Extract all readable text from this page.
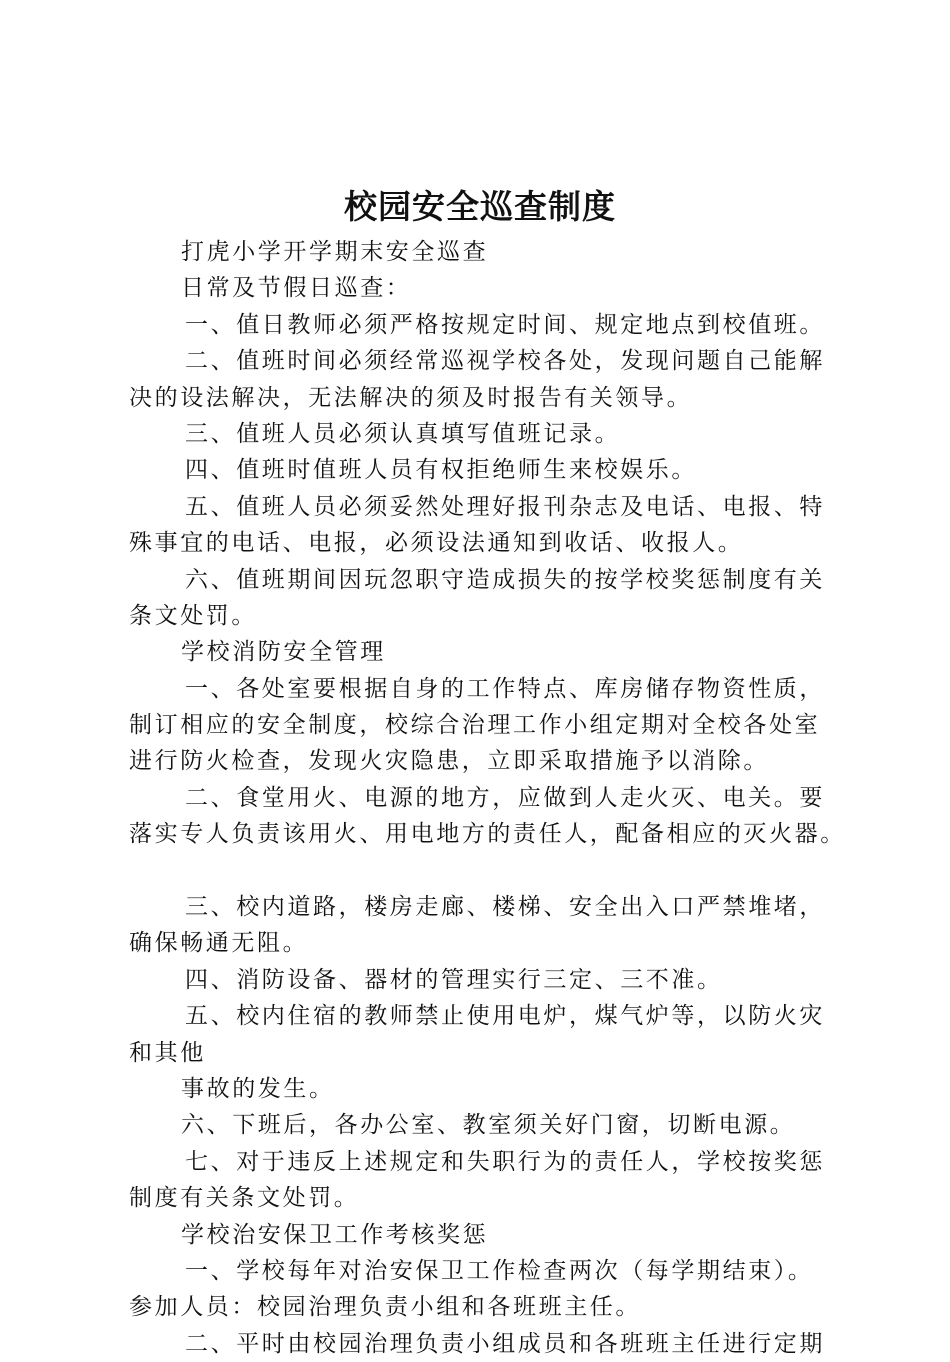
校园安全巡查制度

打虎小学开学期末安全巡查

日常及节假日巡查：

一、值日教师必须严格按规定时间、规定地点到校值班。

二、值班时间必须经常巡视学校各处，发现问题自己能解

决的设法解决，无法解决的须及时报告有关领导。

三、值班人员必须认真填写值班记录。

四、值班时值班人员有权拒绝师生来校娱乐。

五、值班人员必须妥然处理好报刊杂志及电话、电报、特

殊事宜的电话、电报，必须设法通知到收话、收报人。

六、值班期间因玩忽职守造成损失的按学校奖惩制度有关

条文处罚。

学校消防安全管理

一、各处室要根据自身的工作特点、库房储存物资性质，

制订相应的安全制度，校综合治理工作小组定期对全校各处室

进行防火检查，发现火灾隐患，立即采取措施予以消除。

二、食堂用火、电源的地方，应做到人走火灭、电关。要

落实专人负责该用火、用电地方的责任人，配备相应的灭火器。

三、校内道路，楼房走廊、楼梯、安全出入口严禁堆堵，

确保畅通无阻。

四、消防设备、器材的管理实行三定、三不准。

五、校内住宿的教师禁止使用电炉，煤气炉等，以防火灾

和其他

事故的发生。

六、下班后，各办公室、教室须关好门窗，切断电源。

七、对于违反上述规定和失职行为的责任人，学校按奖惩

制度有关条文处罚。

学校治安保卫工作考核奖惩

一、学校每年对治安保卫工作检查两次（每学期结束）。

参加人员：校园治理负责小组和各班班主任。

二、平时由校园治理负责小组成员和各班班主任进行定期
